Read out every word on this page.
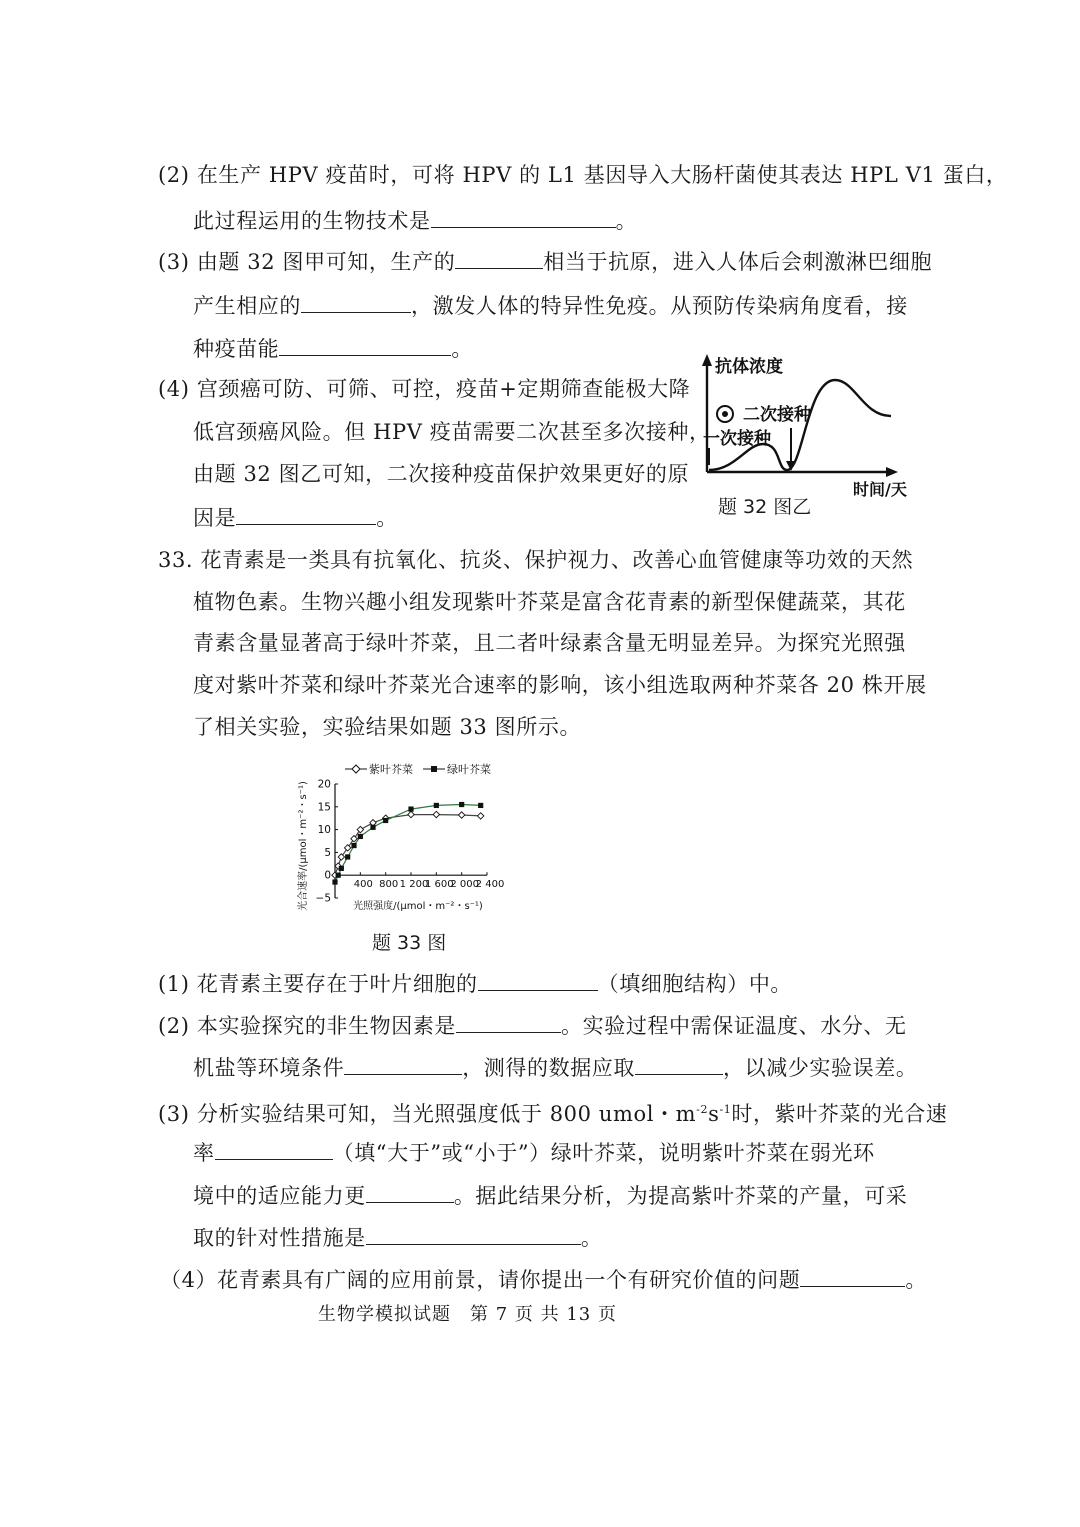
(2) 在生产 HPV 疫苗时，可将 HPV 的 L1 基因导入大肠杆菌使其表达 HPL V1 蛋白，
此过程运用的生物技术是	。
(3) 由题 32 图甲可知，生产的	相当于抗原，进入人体后会刺激淋巴细胞
产生相应的	，激发人体的特异性免疫。从预防传染病角度看，接
种疫苗能	。
(4) 宫颈癌可防、可筛、可控，疫苗+定期筛查能极大降
低宫颈癌风险。但 HPV 疫苗需要二次甚至多次接种，
由题 32 图乙可知，二次接种疫苗保护效果更好的原
因是	。
抗体浓度
二次接种
一次接种
时间/天
题 32 图乙
33. 花青素是一类具有抗氧化、抗炎、保护视力、改善心血管健康等功效的天然
植物色素。生物兴趣小组发现紫叶芥菜是富含花青素的新型保健蔬菜，其花
青素含量显著高于绿叶芥菜，且二者叶绿素含量无明显差异。为探究光照强
度对紫叶芥菜和绿叶芥菜光合速率的影响，该小组选取两种芥菜各 20 株开展
了相关实验，实验结果如题 33 图所示。
紫叶芥菜	绿叶芥菜
光合速率/(μmol・m⁻²・s⁻¹)	光照强度/(μmol・m⁻²・s⁻¹)
−5
0
5
10
15
20
400 800 1 200
1 600
2 000
2 400
题 33 图
(1) 花青素主要存在于叶片细胞的	（填细胞结构）中。
(2) 本实验探究的非生物因素是	。实验过程中需保证温度、水分、无
机盐等环境条件	，测得的数据应取	，以减少实验误差。
(3) 分析实验结果可知，当光照强度低于 800 umol・$m^{-2}s^{-1}$时，紫叶芥菜的光合速
率	（填“大于”或“小于”）绿叶芥菜，说明紫叶芥菜在弱光环
境中的适应能力更	。据此结果分析，为提高紫叶芥菜的产量，可采
取的针对性措施是	。
（4）花青素具有广阔的应用前景，请你提出一个有研究价值的问题	。
生物学模拟试题　第 7 页 共 13 页
